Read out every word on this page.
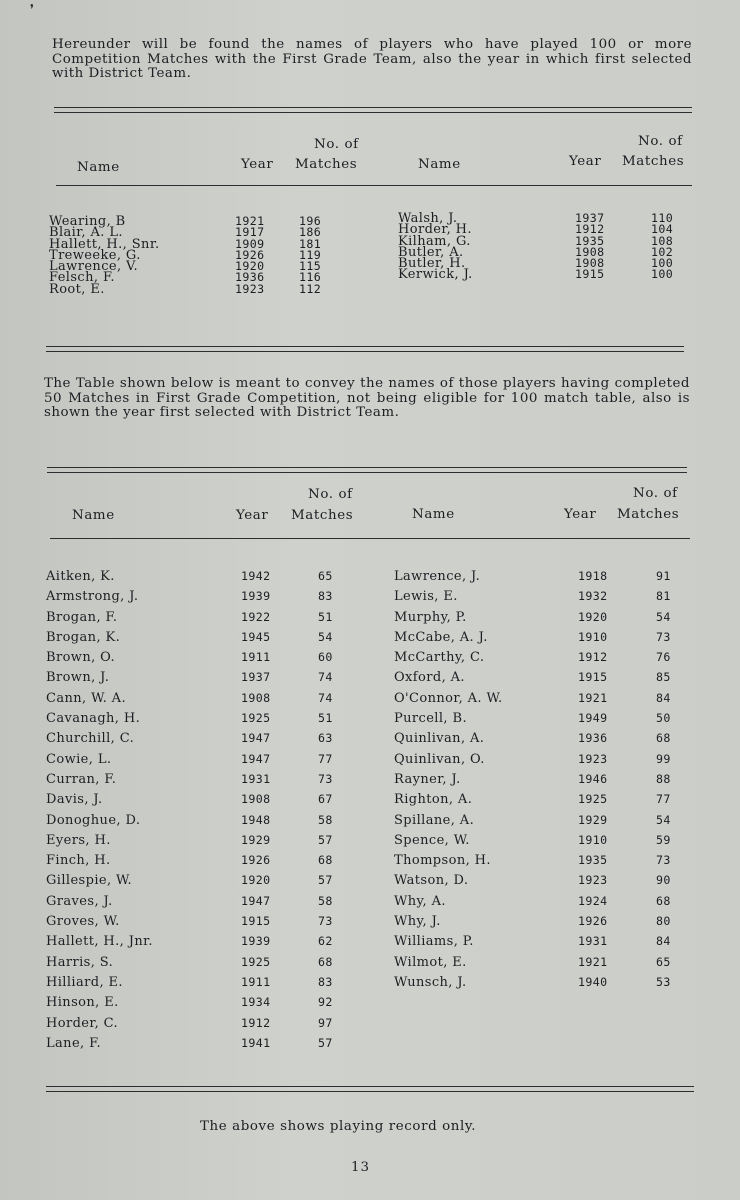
❜
Hereunder will be found the names of players who have played 100 or more Competition Matches with the First Grade Team, also the year in which first selected with District Team.
No. of
Name	Year Matches
No. of
Name	Year Matches
Wearing, B	1921	196
Blair, A. L.	1917	186
Hallett, H., Snr.	1909	181
Treweeke, G.	1926	119
Lawrence, V.	1920	115
Felsch, F.	1936	116
Root, E.	1923	112
Walsh, J.	1937	110
Horder, H.	1912	104
Kilham, G.	1935	108
Butler, A.	1908	102
Butler, H.	1908	100
Kerwick, J.	1915	100
The Table shown below is meant to convey the names of those players having completed 50 Matches in First Grade Competition, not being eligible for 100 match table, also is shown the year first selected with District Team.
No. of
Name	Year Matches
No. of
Name	Year Matches
Aitken, K.	1942	65
Armstrong, J.	1939	83
Brogan, F.	1922	51
Brogan, K.	1945	54
Brown, O.	1911	60
Brown, J.	1937	74
Cann, W. A.	1908	74
Cavanagh, H.	1925	51
Churchill, C.	1947	63
Cowie, L.	1947	77
Curran, F.	1931	73
Davis, J.	1908	67
Donoghue, D.	1948	58
Eyers, H.	1929	57
Finch, H.	1926	68
Gillespie, W.	1920	57
Graves, J.	1947	58
Groves, W.	1915	73
Hallett, H., Jnr.	1939	62
Harris, S.	1925	68
Hilliard, E.	1911	83
Hinson, E.	1934	92
Horder, C.	1912	97
Lane, F.	1941	57
Lawrence, J.	1918	91
Lewis, E.	1932	81
Murphy, P.	1920	54
McCabe, A. J.	1910	73
McCarthy, C.	1912	76
Oxford, A.	1915	85
O'Connor, A. W.	1921	84
Purcell, B.	1949	50
Quinlivan, A.	1936	68
Quinlivan, O.	1923	99
Rayner, J.	1946	88
Righton, A.	1925	77
Spillane, A.	1929	54
Spence, W.	1910	59
Thompson, H.	1935	73
Watson, D.	1923	90
Why, A.	1924	68
Why, J.	1926	80
Williams, P.	1931	84
Wilmot, E.	1921	65
Wunsch, J.	1940	53
The above shows playing record only.
13
